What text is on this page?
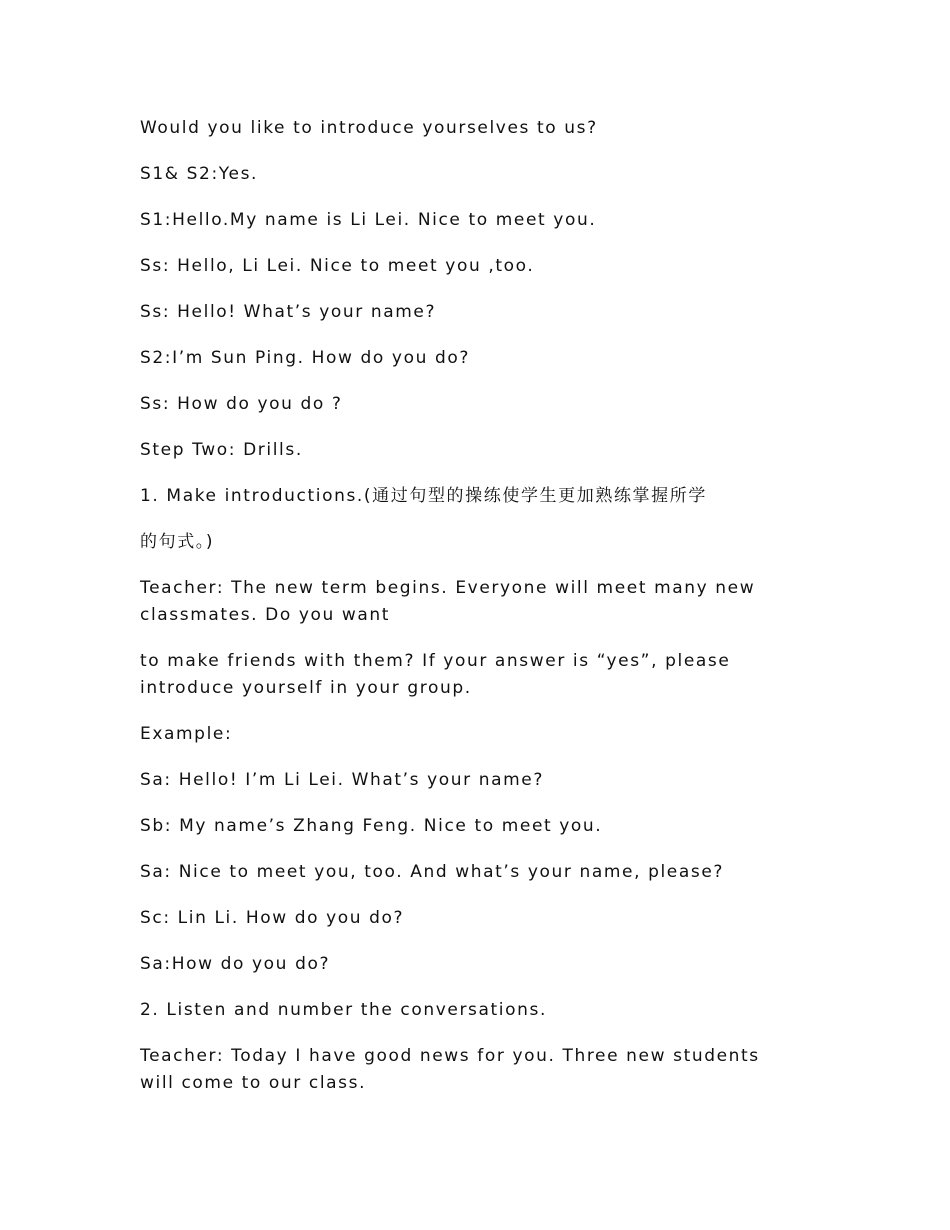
Would you like to introduce yourselves to us?

S1& S2:Yes.

S1:Hello.My name is Li Lei. Nice to meet you.

Ss: Hello, Li Lei. Nice to meet you ,too.

Ss: Hello! What’s your name?

S2:I’m Sun Ping. How do you do?

Ss: How do you do ?

Step Two: Drills.

1. Make introductions.(通过句型的操练使学生更加熟练掌握所学

的句式。)

Teacher: The new term begins. Everyone will meet many new classmates. Do you want

to make friends with them? If your answer is “yes”, please introduce yourself in your group.

Example:

Sa: Hello! I’m Li Lei. What’s your name?

Sb: My name’s Zhang Feng. Nice to meet you.

Sa: Nice to meet you, too. And what’s your name, please?

Sc: Lin Li. How do you do?

Sa:How do you do?

2. Listen and number the conversations.

Teacher: Today I have good news for you. Three new students will come to our class.
